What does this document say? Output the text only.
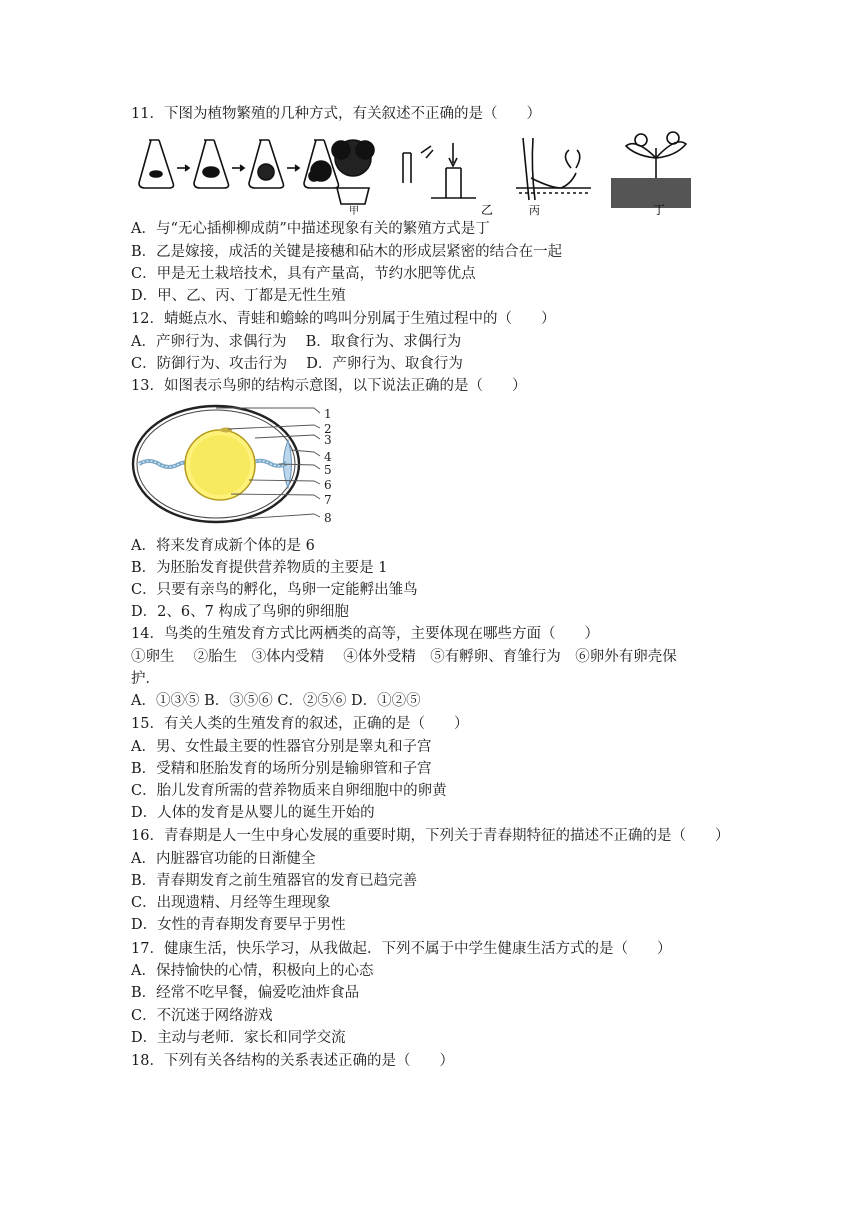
11．下图为植物繁殖的几种方式，有关叙述不正确的是（　　）
甲	乙	丙	丁
A．与“无心插柳柳成荫”中描述现象有关的繁殖方式是丁
B．乙是嫁接，成活的关键是接穗和砧木的形成层紧密的结合在一起
C．甲是无土栽培技术，具有产量高，节约水肥等优点
D．甲、乙、丙、丁都是无性生殖
12．蜻蜓点水、青蛙和蟾蜍的鸣叫分别属于生殖过程中的（　　）
A．产卵行为、求偶行为　 B．取食行为、求偶行为
C．防御行为、攻击行为　 D．产卵行为、取食行为
13．如图表示鸟卵的结构示意图，以下说法正确的是（　　）
1
2
3
4
5
6
7
8
A．将来发育成新个体的是 6
B．为胚胎发育提供营养物质的主要是 1
C．只要有亲鸟的孵化，鸟卵一定能孵出雏鸟
D．2、6、7 构成了鸟卵的卵细胞
14．鸟类的生殖发育方式比两栖类的高等，主要体现在哪些方面（　　）
①卵生　 ②胎生　③体内受精　 ④体外受精　⑤有孵卵、育雏行为　⑥卵外有卵壳保
护．
A．①③⑤ B．③⑤⑥ C．②⑤⑥ D．①②⑤
15．有关人类的生殖发育的叙述，正确的是（　　）
A．男、女性最主要的性器官分别是睾丸和子宫
B．受精和胚胎发育的场所分别是输卵管和子宫
C．胎儿发育所需的营养物质来自卵细胞中的卵黄
D．人体的发育是从婴儿的诞生开始的
16．青春期是人一生中身心发展的重要时期，下列关于青春期特征的描述不正确的是（　　）
A．内脏器官功能的日渐健全
B．青春期发育之前生殖器官的发育已趋完善
C．出现遗精、月经等生理现象
D．女性的青春期发育要早于男性
17．健康生活，快乐学习，从我做起．下列不属于中学生健康生活方式的是（　　）
A．保持愉快的心情，积极向上的心态
B．经常不吃早餐，偏爱吃油炸食品
C．不沉迷于网络游戏
D．主动与老师．家长和同学交流
18．下列有关各结构的关系表述正确的是（　　）
